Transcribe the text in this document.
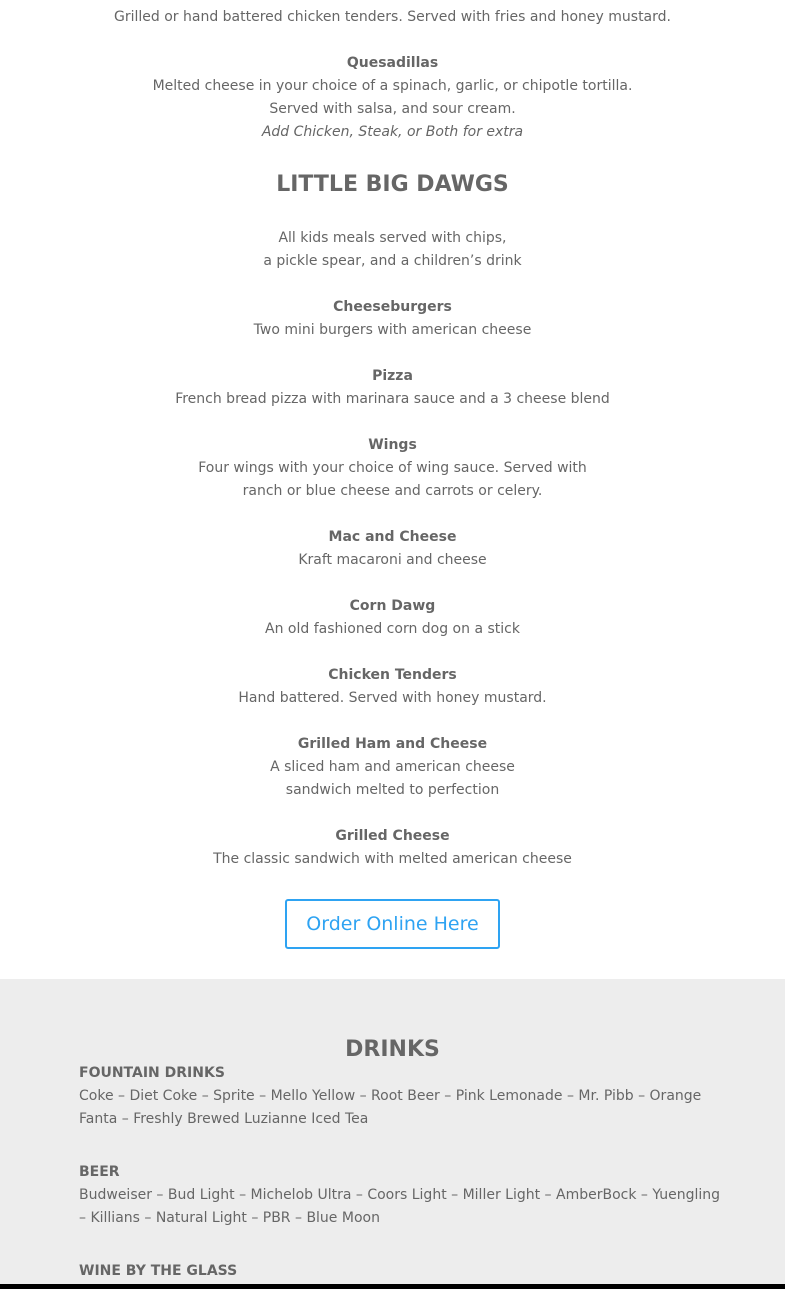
Grilled or hand battered chicken tenders. Served with fries and honey mustard.
Quesadillas
Melted cheese in your choice of a spinach, garlic, or chipotle tortilla.
Served with salsa, and sour cream.
Add Chicken, Steak, or Both for extra
LITTLE BIG DAWGS
All kids meals served with chips,
a pickle spear, and a children’s drink
Cheeseburgers
Two mini burgers with american cheese
Pizza
French bread pizza with marinara sauce and a 3 cheese blend
Wings
Four wings with your choice of wing sauce. Served with
ranch or blue cheese and carrots or celery.
Mac and Cheese
Kraft macaroni and cheese
Corn Dawg
An old fashioned corn dog on a stick
Chicken Tenders
Hand battered. Served with honey mustard.
Grilled Ham and Cheese
A sliced ham and american cheese
sandwich melted to perfection
Grilled Cheese
The classic sandwich with melted american cheese
Order Online Here
DRINKS
FOUNTAIN DRINKS
Coke – Diet Coke – Sprite – Mello Yellow – Root Beer – Pink Lemonade – Mr. Pibb – Orange
Fanta – Freshly Brewed Luzianne Iced Tea
BEER
Budweiser – Bud Light – Michelob Ultra – Coors Light – Miller Light – AmberBock – Yuengling
– Killians – Natural Light – PBR – Blue Moon
WINE BY THE GLASS
